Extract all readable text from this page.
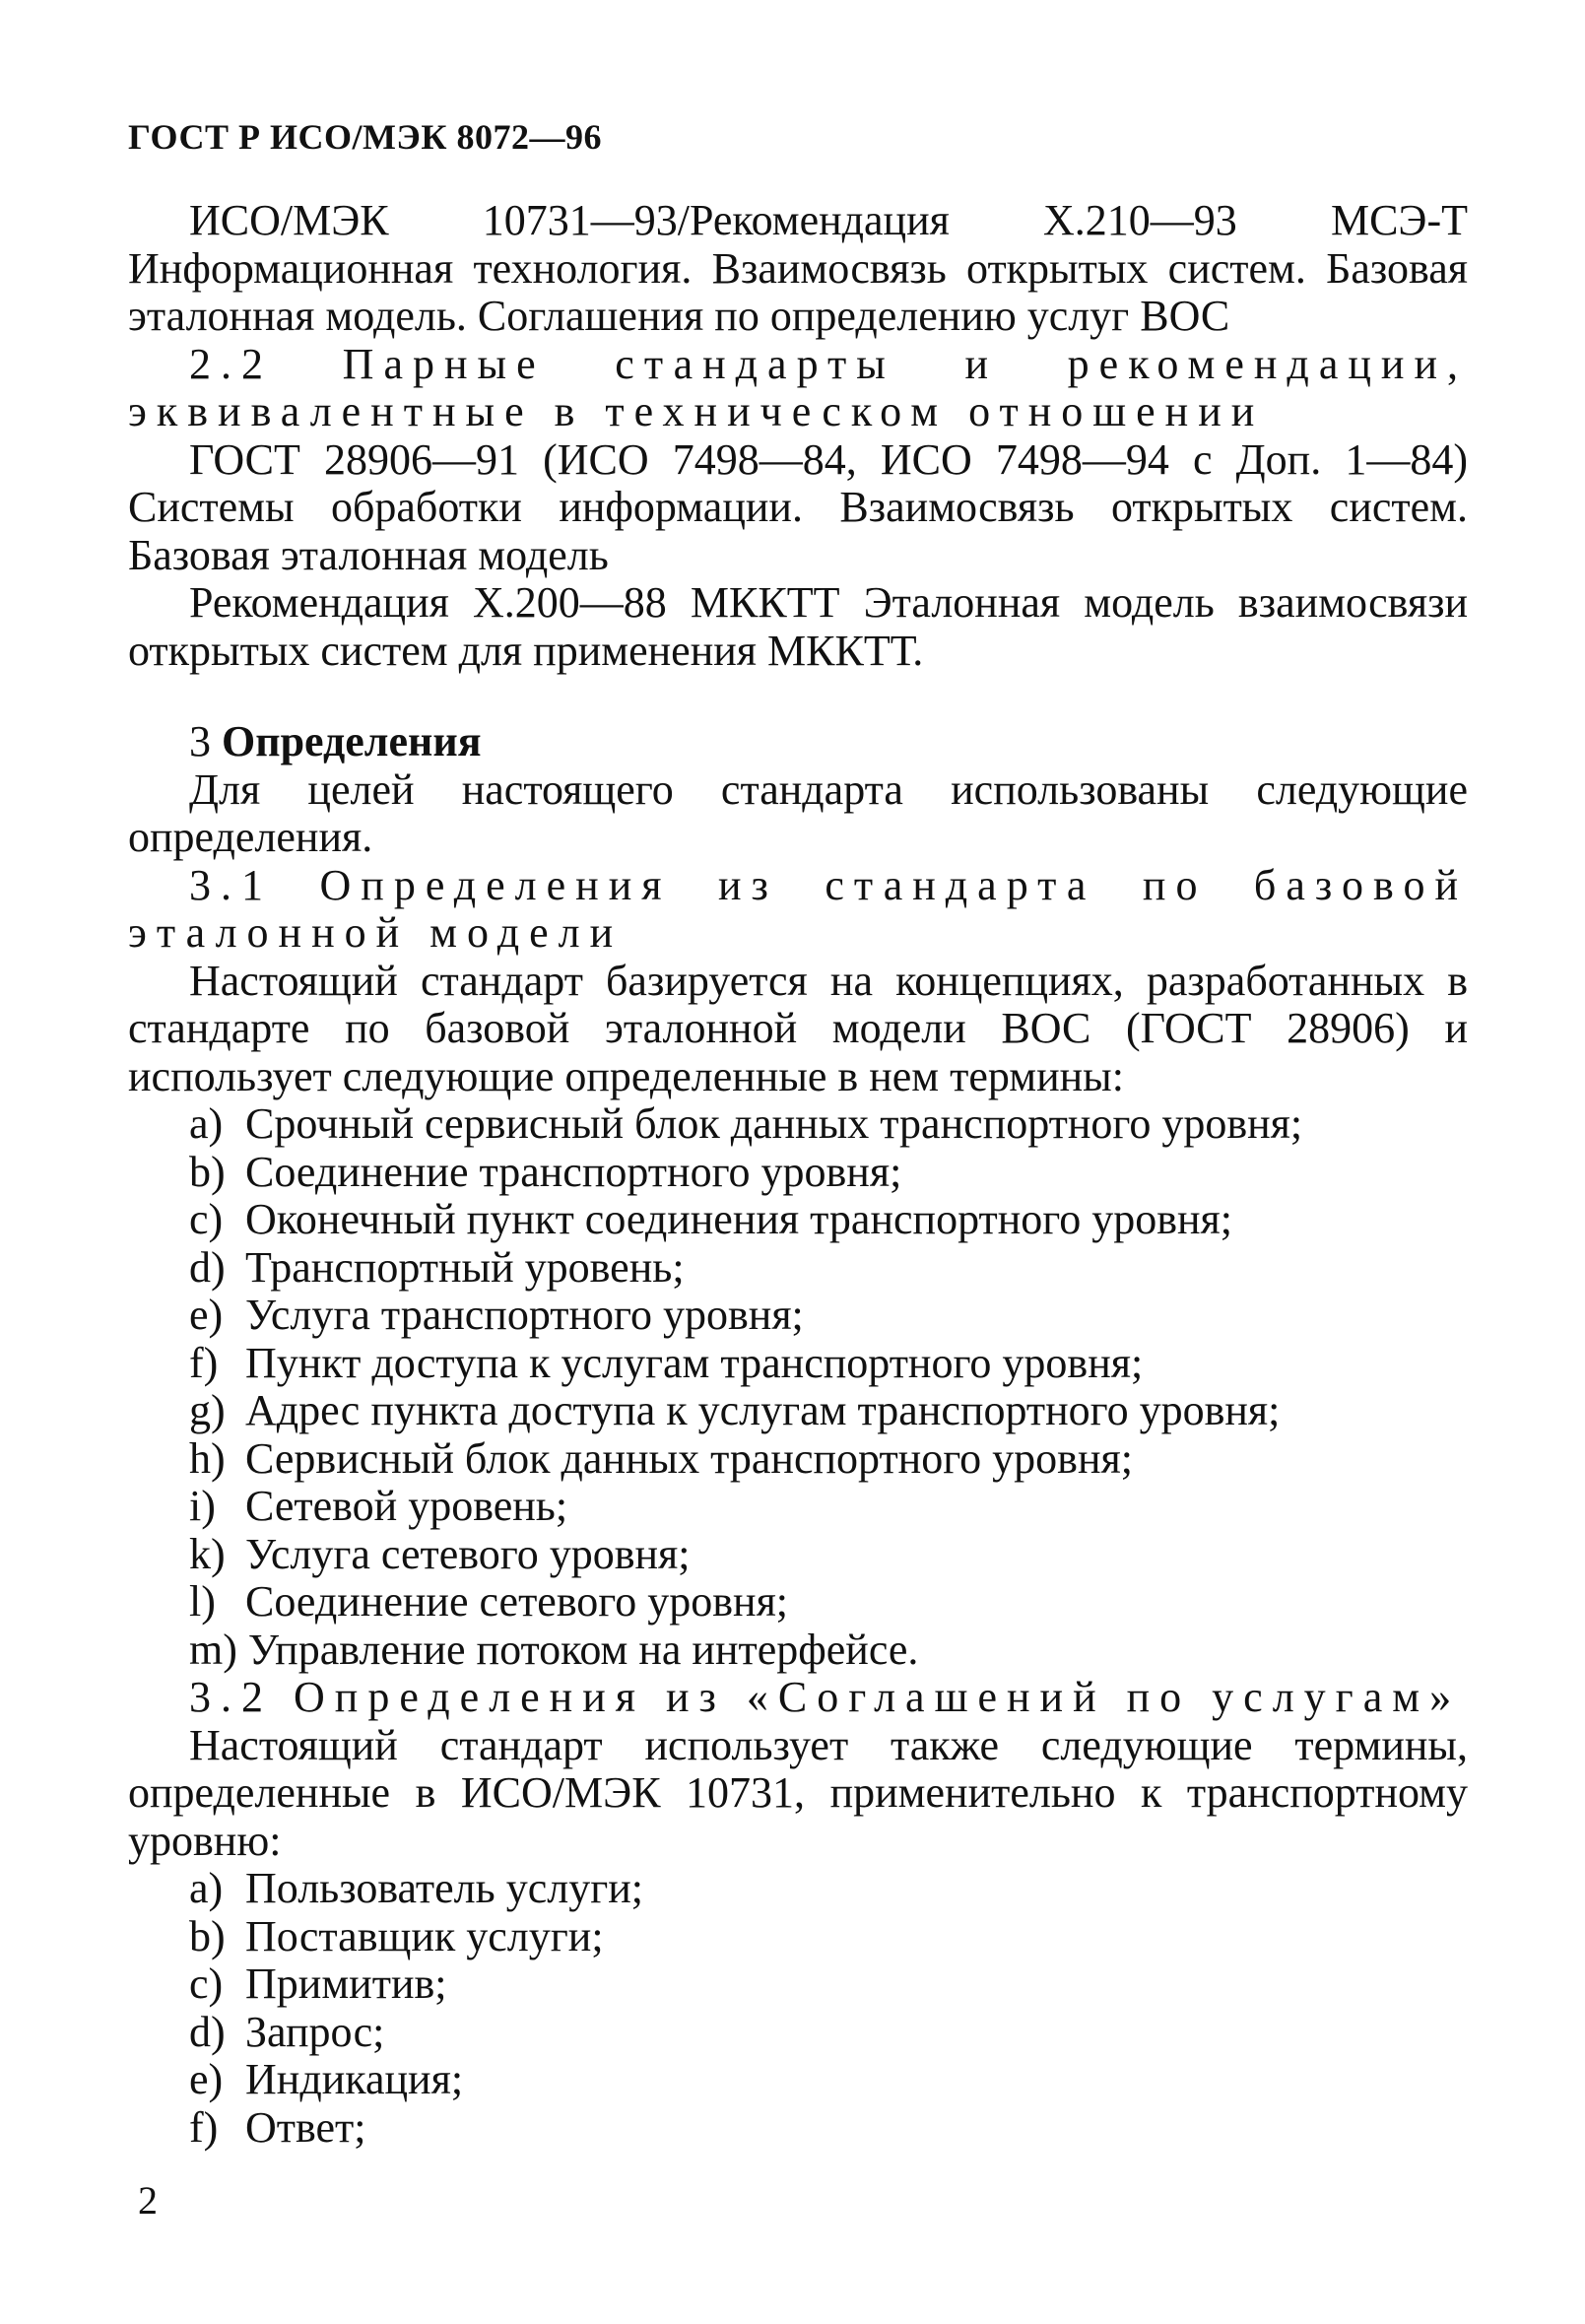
ГОСТ Р ИСО/МЭК 8072—96

ИСО/МЭК 10731—93/Рекомендация Х.210—93 МСЭ-Т Информационная технология. Взаимосвязь открытых систем. Базовая эталонная модель. Соглашения по определению услуг ВОС

2.2 Парные стандарты и рекомендации, эквивалентные в техническом отношении

ГОСТ 28906—91 (ИСО 7498—84, ИСО 7498—94 с Доп. 1—84) Системы обработки информации. Взаимосвязь открытых систем. Базовая эталонная модель

Рекомендация Х.200—88 МККТТ Эталонная модель взаимосвязи открытых систем для применения МККТТ.

3 Определения

Для целей настоящего стандарта использованы следующие определения.

3.1 Определения из стандарта по базовой эталонной модели

Настоящий стандарт базируется на концепциях, разработанных в стандарте по базовой эталонной модели ВОС (ГОСТ 28906) и использует следующие определенные в нем термины:

a) Срочный сервисный блок данных транспортного уровня;
b) Соединение транспортного уровня;
c) Оконечный пункт соединения транспортного уровня;
d) Транспортный уровень;
e) Услуга транспортного уровня;
f) Пункт доступа к услугам транспортного уровня;
g) Адрес пункта доступа к услугам транспортного уровня;
h) Сервисный блок данных транспортного уровня;
i) Сетевой уровень;
k) Услуга сетевого уровня;
l) Соединение сетевого уровня;
m) Управление потоком на интерфейсе.

3.2 Определения из «Соглашений по услугам»

Настоящий стандарт использует также следующие термины, определенные в ИСО/МЭК 10731, применительно к транспортному уровню:

a) Пользователь услуги;
b) Поставщик услуги;
c) Примитив;
d) Запрос;
e) Индикация;
f) Ответ;
2
